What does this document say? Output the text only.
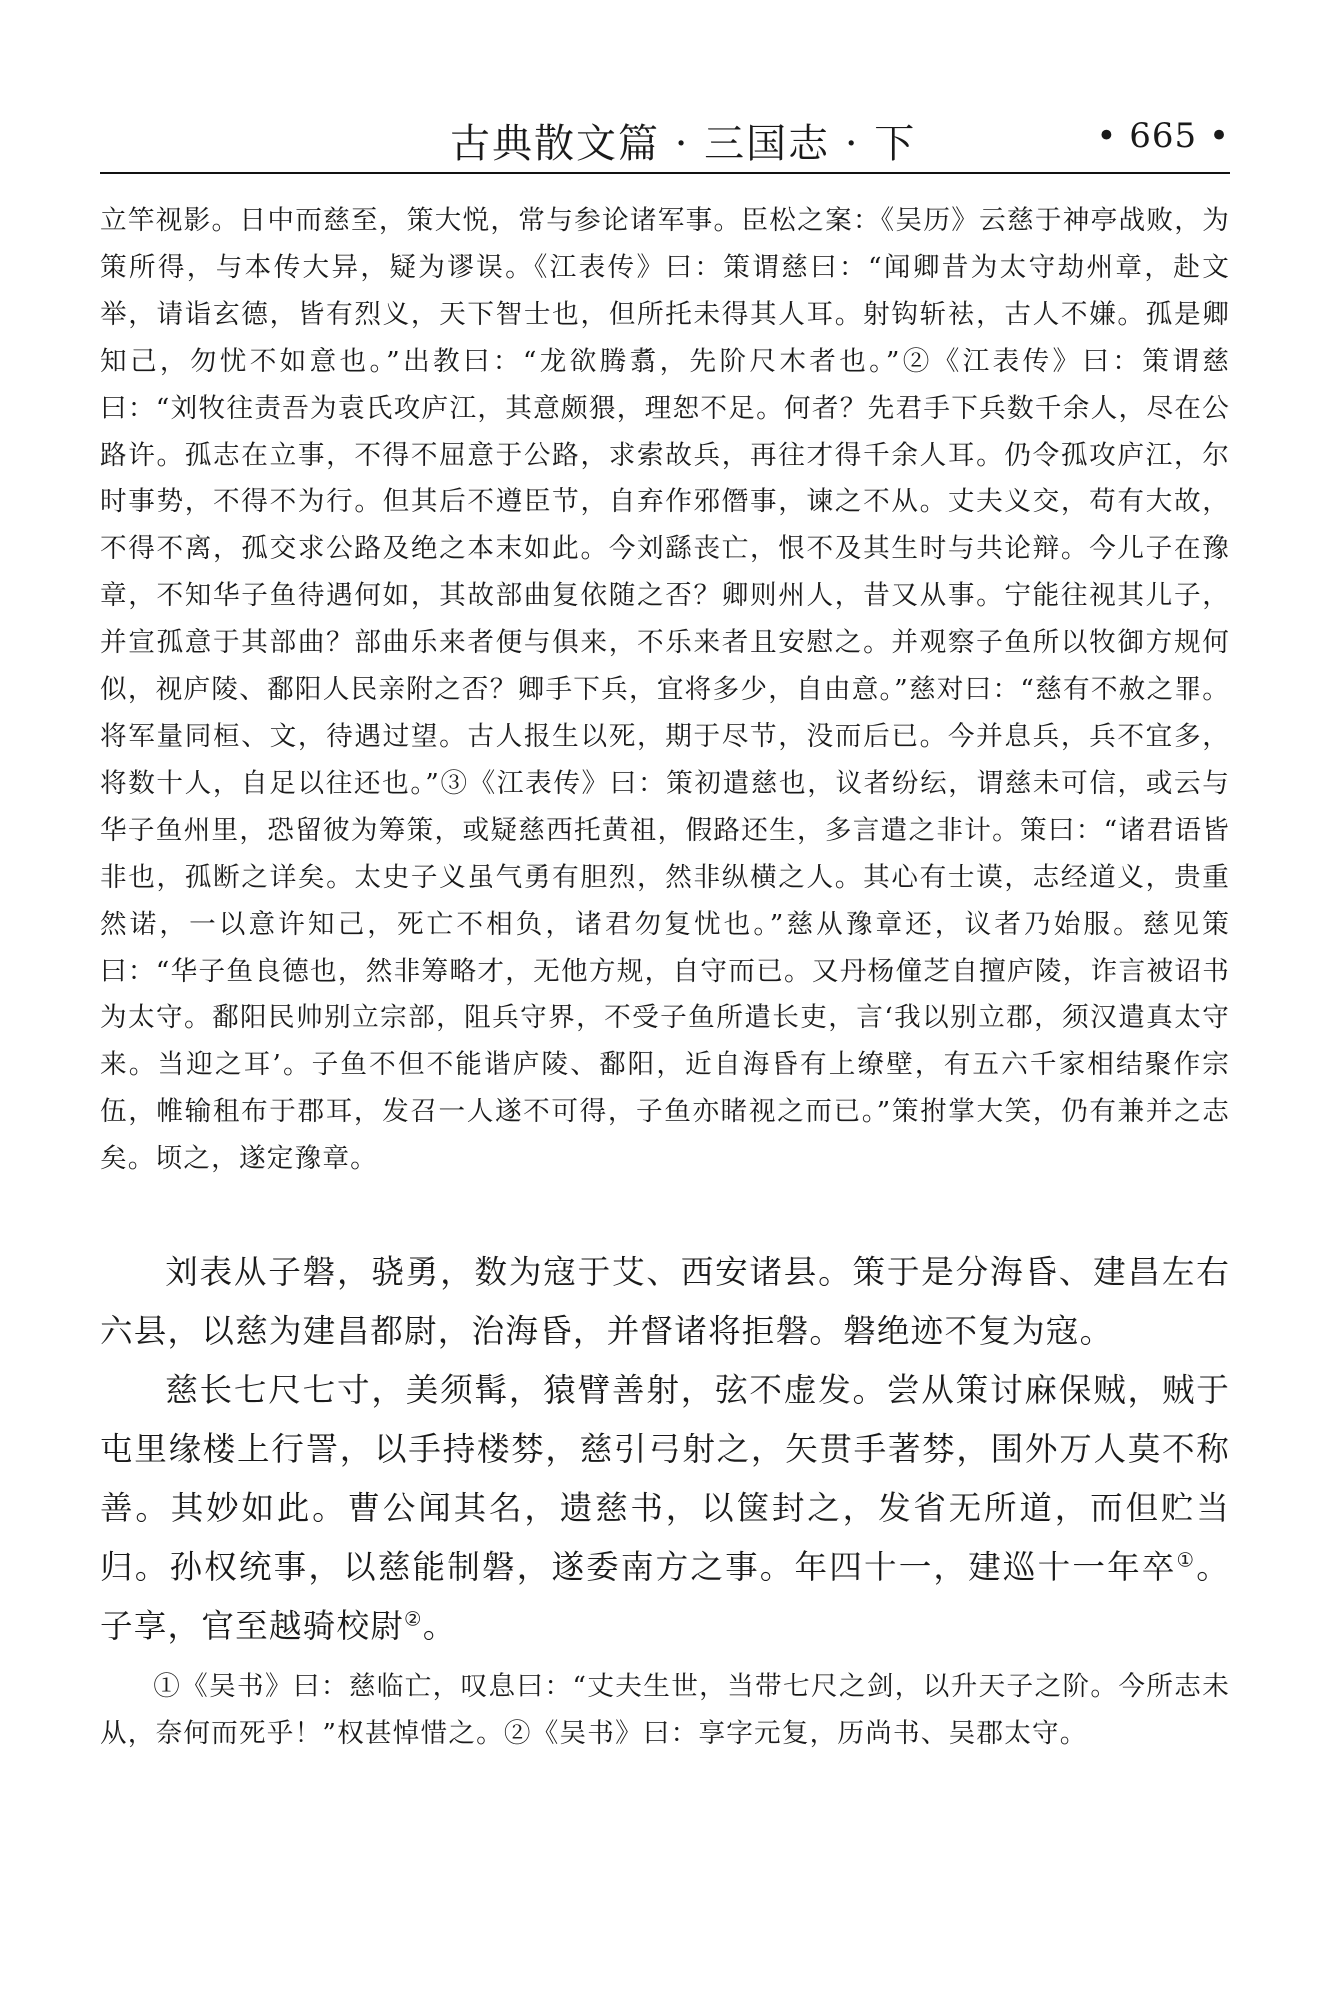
古典散文篇 · 三国志 · 下	• 665 •

立竿视影。日中而慈至，策大悦，常与参论诸军事。臣松之案：《吴历》云慈于神亭战败，为策所得，与本传大异，疑为谬误。《江表传》曰：策谓慈曰：“闻卿昔为太守劫州章，赴文举，请诣玄德，皆有烈义，天下智士也，但所托未得其人耳。射钩斩袪，古人不嫌。孤是卿知己，勿忧不如意也。”出教曰：“龙欲腾翥，先阶尺木者也。”②《江表传》曰：策谓慈曰：“刘牧往责吾为袁氏攻庐江，其意颇猥，理恕不足。何者？先君手下兵数千余人，尽在公路许。孤志在立事，不得不屈意于公路，求索故兵，再往才得千余人耳。仍令孤攻庐江，尔时事势，不得不为行。但其后不遵臣节，自弃作邪僭事，谏之不从。丈夫义交，苟有大故，不得不离，孤交求公路及绝之本末如此。今刘繇丧亡，恨不及其生时与共论辩。今儿子在豫章，不知华子鱼待遇何如，其故部曲复依随之否？卿则州人，昔又从事。宁能往视其儿子，并宣孤意于其部曲？部曲乐来者便与俱来，不乐来者且安慰之。并观察子鱼所以牧御方规何似，视庐陵、鄱阳人民亲附之否？卿手下兵，宜将多少，自由意。”慈对曰：“慈有不赦之罪。将军量同桓、文，待遇过望。古人报生以死，期于尽节，没而后已。今并息兵，兵不宜多，将数十人，自足以往还也。”③《江表传》曰：策初遣慈也，议者纷纭，谓慈未可信，或云与华子鱼州里，恐留彼为筹策，或疑慈西托黄祖，假路还生，多言遣之非计。策曰：“诸君语皆非也，孤断之详矣。太史子义虽气勇有胆烈，然非纵横之人。其心有士谟，志经道义，贵重然诺，一以意许知己，死亡不相负，诸君勿复忧也。”慈从豫章还，议者乃始服。慈见策曰：“华子鱼良德也，然非筹略才，无他方规，自守而已。又丹杨僮芝自擅庐陵，诈言被诏书为太守。鄱阳民帅别立宗部，阻兵守界，不受子鱼所遣长吏，言‘我以别立郡，须汉遣真太守来。当迎之耳’。子鱼不但不能谐庐陵、鄱阳，近自海昏有上缭壁，有五六千家相结聚作宗伍，帷输租布于郡耳，发召一人遂不可得，子鱼亦睹视之而已。”策拊掌大笑，仍有兼并之志矣。顷之，遂定豫章。

刘表从子磐，骁勇，数为寇于艾、西安诸县。策于是分海昏、建昌左右六县，以慈为建昌都尉，治海昏，并督诸将拒磐。磐绝迹不复为寇。

慈长七尺七寸，美须髯，猿臂善射，弦不虚发。尝从策讨麻保贼，贼于屯里缘楼上行詈，以手持楼棼，慈引弓射之，矢贯手著棼，围外万人莫不称善。其妙如此。曹公闻其名，遗慈书，以箧封之，发省无所道，而但贮当归。孙权统事，以慈能制磐，遂委南方之事。年四十一，建巡十一年卒①。子享，官至越骑校尉②。

①《吴书》曰：慈临亡，叹息曰：“丈夫生世，当带七尺之剑，以升天子之阶。今所志未从，奈何而死乎！”权甚悼惜之。②《吴书》曰：享字元复，历尚书、吴郡太守。
